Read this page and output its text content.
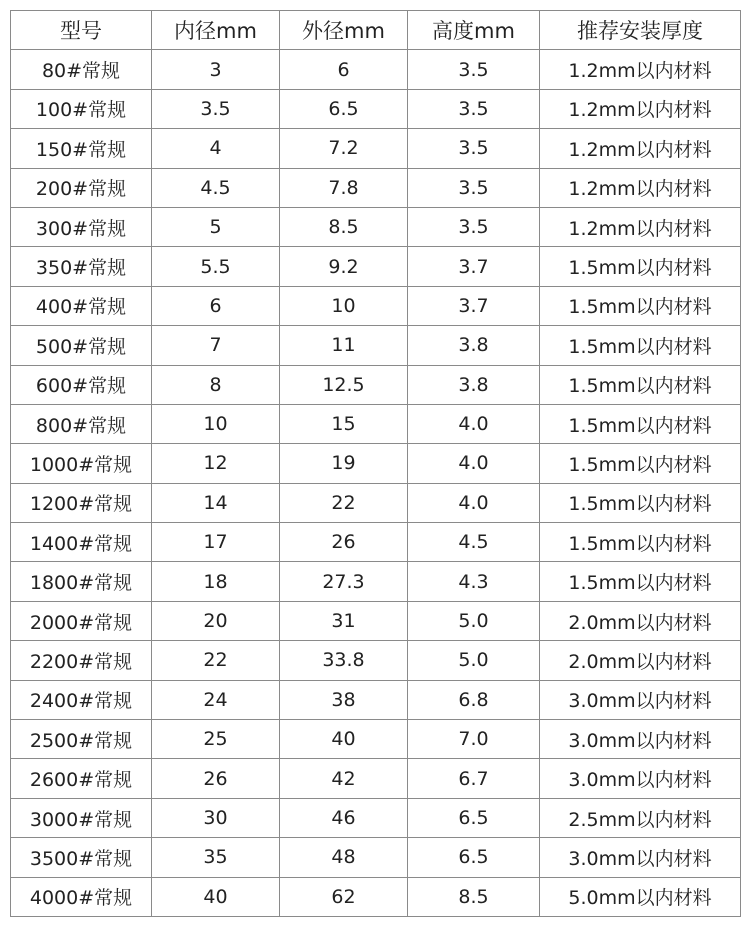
型号	内径mm	外径mm	高度mm	推荐安装厚度
80#常规	3	6	3.5	1.2mm以内材料
100#常规	3.5	6.5	3.5	1.2mm以内材料
150#常规	4	7.2	3.5	1.2mm以内材料
200#常规	4.5	7.8	3.5	1.2mm以内材料
300#常规	5	8.5	3.5	1.2mm以内材料
350#常规	5.5	9.2	3.7	1.5mm以内材料
400#常规	6	10	3.7	1.5mm以内材料
500#常规	7	11	3.8	1.5mm以内材料
600#常规	8	12.5	3.8	1.5mm以内材料
800#常规	10	15	4.0	1.5mm以内材料
1000#常规	12	19	4.0	1.5mm以内材料
1200#常规	14	22	4.0	1.5mm以内材料
1400#常规	17	26	4.5	1.5mm以内材料
1800#常规	18	27.3	4.3	1.5mm以内材料
2000#常规	20	31	5.0	2.0mm以内材料
2200#常规	22	33.8	5.0	2.0mm以内材料
2400#常规	24	38	6.8	3.0mm以内材料
2500#常规	25	40	7.0	3.0mm以内材料
2600#常规	26	42	6.7	3.0mm以内材料
3000#常规	30	46	6.5	2.5mm以内材料
3500#常规	35	48	6.5	3.0mm以内材料
4000#常规	40	62	8.5	5.0mm以内材料
